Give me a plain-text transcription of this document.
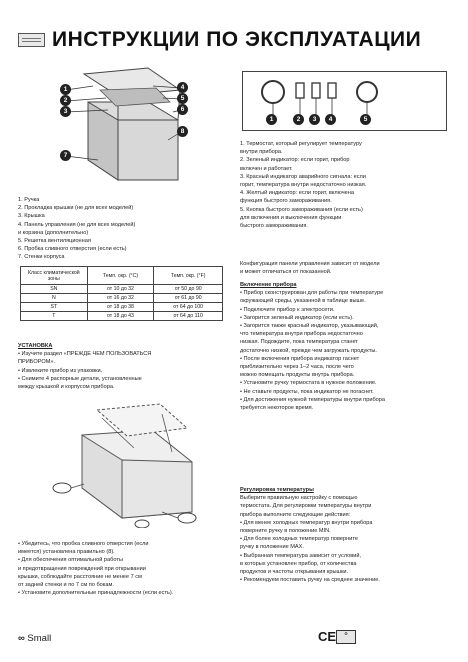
ИНСТРУКЦИИ ПО ЭКСПЛУАТАЦИИ
1
2
3
7
4
5
6
8
1. Ручка
2. Прокладка крышки (не для всех моделей)
3. Крышка
4. Панель управления (не для всех моделей)
и корзина (дополнительно)
5. Решетка вентиляционная
6. Пробка сливного отверстия (если есть)
7. Стенки корпуса
Класс климатической зоны	Темп. окр. (°C)	Темп. окр. (°F)
SN	от 10 до 32	от 50 до 90
N	от 16 до 32	от 61 до 90
ST	от 18 до 38	от 64 до 100
T	от 18 до 43	от 64 до 110
УСТАНОВКА
• Изучите раздел «ПРЕЖДЕ ЧЕМ ПОЛЬЗОВАТЬСЯ
ПРИБОРОМ».
• Извлеките прибор из упаковки.
• Снимите 4 распорные детали, установленные
между крышкой и корпусом прибора.
• Убедитесь, что пробка сливного отверстия (если
имеется) установлена правильно (8).
• Для обеспечения оптимальной работы
и предотвращения повреждений при открывании
крышки, соблюдайте расстояние не менее 7 см
от задней стенки и по 7 см по бокам.
• Установите дополнительные принадлежности (если есть).
1	2	3	4	5
1. Термостат, который регулирует температуру
внутри прибора.
2. Зеленый индикатор: если горит, прибор
включен и работает.
3. Красный индикатор аварийного сигнала: если
горит, температура внутри недостаточно низкая.
4. Желтый индикатор: если горит, включена
функция быстрого замораживания.
5. Кнопка быстрого замораживания (если есть)
для включения и выключения функции
быстрого замораживания.
Конфигурация панели управления зависит от модели
и может отличаться от показанной.
Включение прибора
• Прибор сконструирован для работы при температуре
окружающей среды, указанной в таблице выше.
• Подключите прибор к электросети.
• Загорится зеленый индикатор (если есть).
• Загорится также красный индикатор, указывающий,
что температура внутри прибора недостаточно
низкая. Подождите, пока температура станет
достаточно низкой, прежде чем загружать продукты.
• После включения прибора индикатор гаснет
приблизительно через 1–2 часа, после чего
можно помещать продукты внутрь прибора.
• Установите ручку термостата в нужное положение.
• Не ставьте продукты, пока индикатор не погаснет.
• Для достижения нужной температуры внутри прибора
требуется некоторое время.
Регулировка температуры
Выберите правильную настройку с помощью
термостата. Для регулировки температуры внутри
прибора выполните следующие действия:
• Для менее холодных температур внутри прибора
поверните ручку в положение MIN.
• Для более холодных температур поверните
ручку в положение MAX.
• Выбранная температура зависит от условий,
в которых установлен прибор, от количества
продуктов и частоты открывания крышки.
• Рекомендуем поставить ручку на среднее значение.
∞ Small	CE	♻
